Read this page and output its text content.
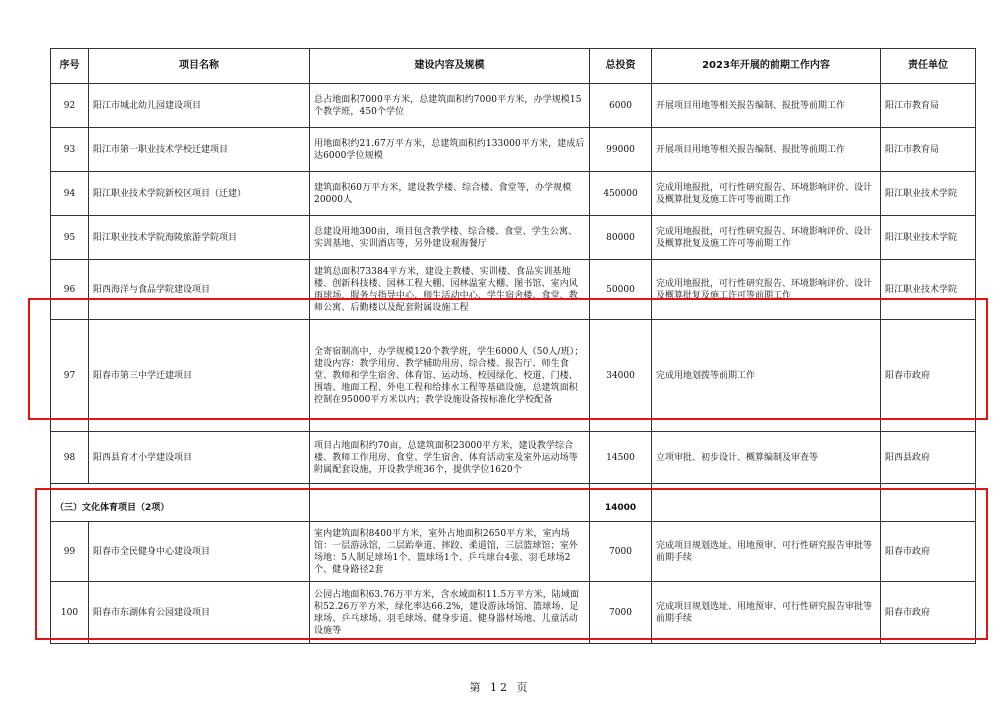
序号	项目名称	建设内容及规模	总投资	2023年开展的前期工作内容	责任单位
92	阳江市城北幼儿园建设项目	总占地面积7000平方米，总建筑面积约7000平方米，办学规模15个教学班，450个学位	6000	开展项目用地等相关报告编制、报批等前期工作	阳江市教育局
93	阳江市第一职业技术学校迁建项目	用地面积约21.67万平方米，总建筑面积约133000平方米，建成后达6000学位规模	99000	开展项目用地等相关报告编制、报批等前期工作	阳江市教育局
94	阳江职业技术学院新校区项目（迁建）	建筑面积60万平方米，建设教学楼、综合楼、食堂等，办学规模20000人	450000	完成用地报批，可行性研究报告、环境影响评价、设计及概算批复及施工许可等前期工作	阳江职业技术学院
95	阳江职业技术学院海陵旅游学院项目	总建设用地300亩，项目包含教学楼、综合楼、食堂、学生公寓、实训基地、实训酒店等，另外建设观海餐厅	80000	完成用地报批，可行性研究报告、环境影响评价、设计及概算批复及施工许可等前期工作	阳江职业技术学院
96	阳西海洋与食品学院建设项目	建筑总面积73384平方米，建设主教楼、实训楼、食品实训基地楼、创新科技楼、园林工程大棚、园林温室大棚、图书馆、室内风雨球场、服务与指导中心、师生活动中心、学生宿舍楼、食堂、教师公寓、后勤楼以及配套附属设施工程	50000	完成用地报批，可行性研究报告、环境影响评价、设计及概算批复及施工许可等前期工作	阳江职业技术学院
97	阳春市第三中学迁建项目	全寄宿制高中，办学规模120个教学班，学生6000人（50人/班）；建设内容：教学用房、教学辅助用房、综合楼、报告厅、师生食堂、教师和学生宿舍、体育馆、运动场、校园绿化、校道、门楼、围墙、地面工程、外电工程和给排水工程等基础设施，总建筑面积控制在95000平方米以内；教学设施设备按标准化学校配备	34000	完成用地划拨等前期工作	阳春市政府
98	阳西县育才小学建设项目	项目占地面积约70亩，总建筑面积23000平方米，建设教学综合楼、教师工作用房、食堂、学生宿舍、体育活动室及室外运动场等附属配套设施，开设教学班36个，提供学位1620个	14500	立项审批、初步设计、概算编制及审查等	阳西县政府

（三）文化体育项目（2项）			14000		

99	阳春市全民健身中心建设项目	室内建筑面积8400平方米，室外占地面积2650平方米，室内场馆：一层游泳馆，二层跆拳道、摔跤、柔道馆，三层篮球馆；室外场地：5人制足球场1个、篮球场1个、乒乓球台4张、羽毛球场2个、健身路径2套	7000	完成项目规划选址、用地预审、可行性研究报告审批等前期手续	阳春市政府
100	阳春市东湖体育公园建设项目	公园占地面积63.76万平方米，含水域面积11.5万平方米，陆域面积52.26万平方米，绿化率达66.2%，建设游泳场馆、篮球场、足球场、乒乓球场、羽毛球场、健身步道、健身器材场地、儿童活动设施等	7000	完成项目规划选址、用地预审、可行性研究报告审批等前期手续	阳春市政府
第 12 页
